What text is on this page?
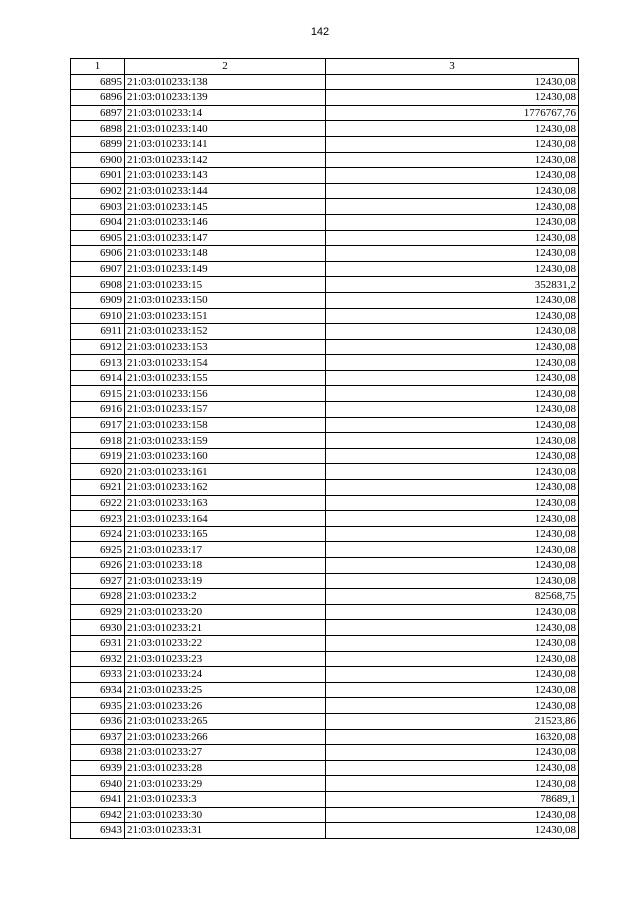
142
1	2	3
6895	21:03:010233:138	12430,08
6896	21:03:010233:139	12430,08
6897	21:03:010233:14	1776767,76
6898	21:03:010233:140	12430,08
6899	21:03:010233:141	12430,08
6900	21:03:010233:142	12430,08
6901	21:03:010233:143	12430,08
6902	21:03:010233:144	12430,08
6903	21:03:010233:145	12430,08
6904	21:03:010233:146	12430,08
6905	21:03:010233:147	12430,08
6906	21:03:010233:148	12430,08
6907	21:03:010233:149	12430,08
6908	21:03:010233:15	352831,2
6909	21:03:010233:150	12430,08
6910	21:03:010233:151	12430,08
6911	21:03:010233:152	12430,08
6912	21:03:010233:153	12430,08
6913	21:03:010233:154	12430,08
6914	21:03:010233:155	12430,08
6915	21:03:010233:156	12430,08
6916	21:03:010233:157	12430,08
6917	21:03:010233:158	12430,08
6918	21:03:010233:159	12430,08
6919	21:03:010233:160	12430,08
6920	21:03:010233:161	12430,08
6921	21:03:010233:162	12430,08
6922	21:03:010233:163	12430,08
6923	21:03:010233:164	12430,08
6924	21:03:010233:165	12430,08
6925	21:03:010233:17	12430,08
6926	21:03:010233:18	12430,08
6927	21:03:010233:19	12430,08
6928	21:03:010233:2	82568,75
6929	21:03:010233:20	12430,08
6930	21:03:010233:21	12430,08
6931	21:03:010233:22	12430,08
6932	21:03:010233:23	12430,08
6933	21:03:010233:24	12430,08
6934	21:03:010233:25	12430,08
6935	21:03:010233:26	12430,08
6936	21:03:010233:265	21523,86
6937	21:03:010233:266	16320,08
6938	21:03:010233:27	12430,08
6939	21:03:010233:28	12430,08
6940	21:03:010233:29	12430,08
6941	21:03:010233:3	78689,1
6942	21:03:010233:30	12430,08
6943	21:03:010233:31	12430,08
